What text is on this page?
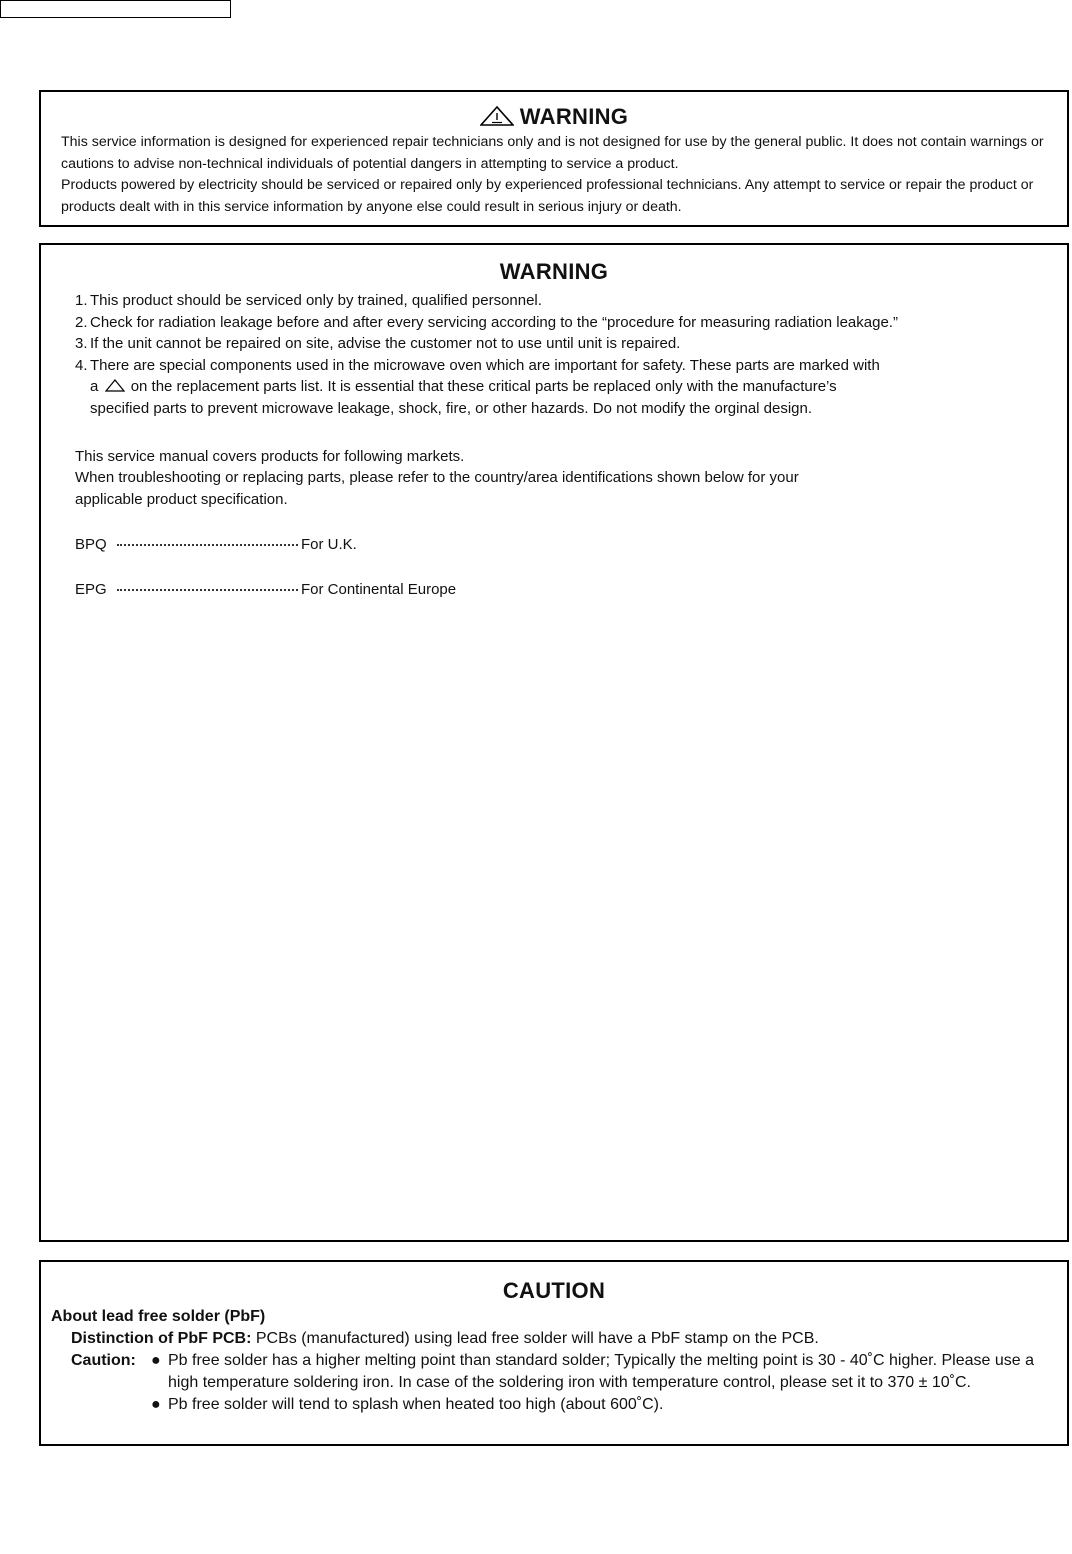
WARNING

This service information is designed for experienced repair technicians only and is not designed for use by the general public. It does not contain warnings or cautions to advise non-technical individuals of potential dangers in attempting to service a product.

Products powered by electricity should be serviced or repaired only by experienced professional technicians. Any attempt to service or repair the product or products dealt with in this service information by anyone else could result in serious injury or death.

WARNING
1. This product should be serviced only by trained, qualified personnel.
2. Check for radiation leakage before and after every servicing according to the “procedure for measuring radiation leakage.”
3. If the unit cannot be repaired on site, advise the customer not to use until unit is repaired.
4. There are special components used in the microwave oven which are important for safety. These parts are marked with
a on the replacement parts list. It is essential that these critical parts be replaced only with the manufacture’s
specified parts to prevent microwave leakage, shock, fire, or other hazards. Do not modify the orginal design.
This service manual covers products for following markets.
When troubleshooting or replacing parts, please refer to the country/area identifications shown below for your
applicable product specification.
BPQ	For U.K.
EPG	For Continental Europe
CAUTION
About lead free solder (PbF)
Distinction of PbF PCB: PCBs (manufactured) using lead free solder will have a PbF stamp on the PCB.
Caution: ● Pb free solder has a higher melting point than standard solder; Typically the melting point is 30 - 40˚C higher. Please use a high temperature soldering iron. In case of the soldering iron with temperature control, please set it to 370 ± 10˚C.
● Pb free solder will tend to splash when heated too high (about 600˚C).
